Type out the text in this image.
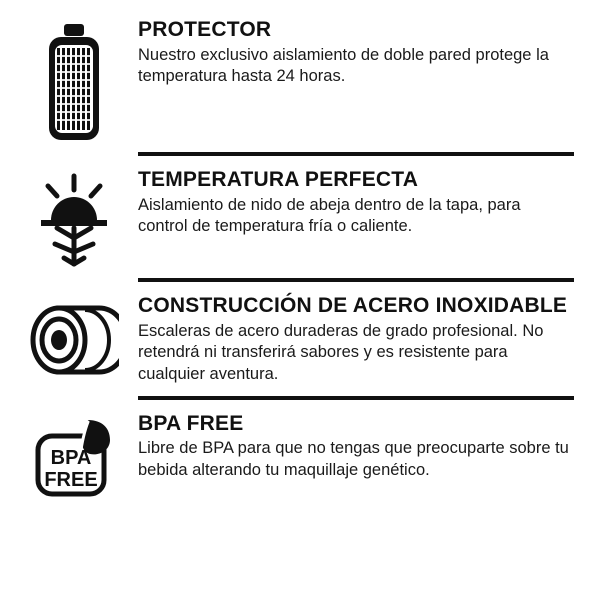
PROTECTOR

Nuestro exclusivo aislamiento de doble pared protege la temperatura hasta 24 horas.

TEMPERATURA PERFECTA

Aislamiento de nido de abeja dentro de la tapa, para control de temperatura fría o caliente.

CONSTRUCCIÓN DE ACERO INOXIDABLE

Escaleras de acero duraderas de grado profesional. No retendrá ni transferirá sabores y es resistente para cualquier aventura.

BPA
FREE

BPA FREE

Libre de BPA para que no tengas que preocuparte sobre tu bebida alterando tu maquillaje genético.
